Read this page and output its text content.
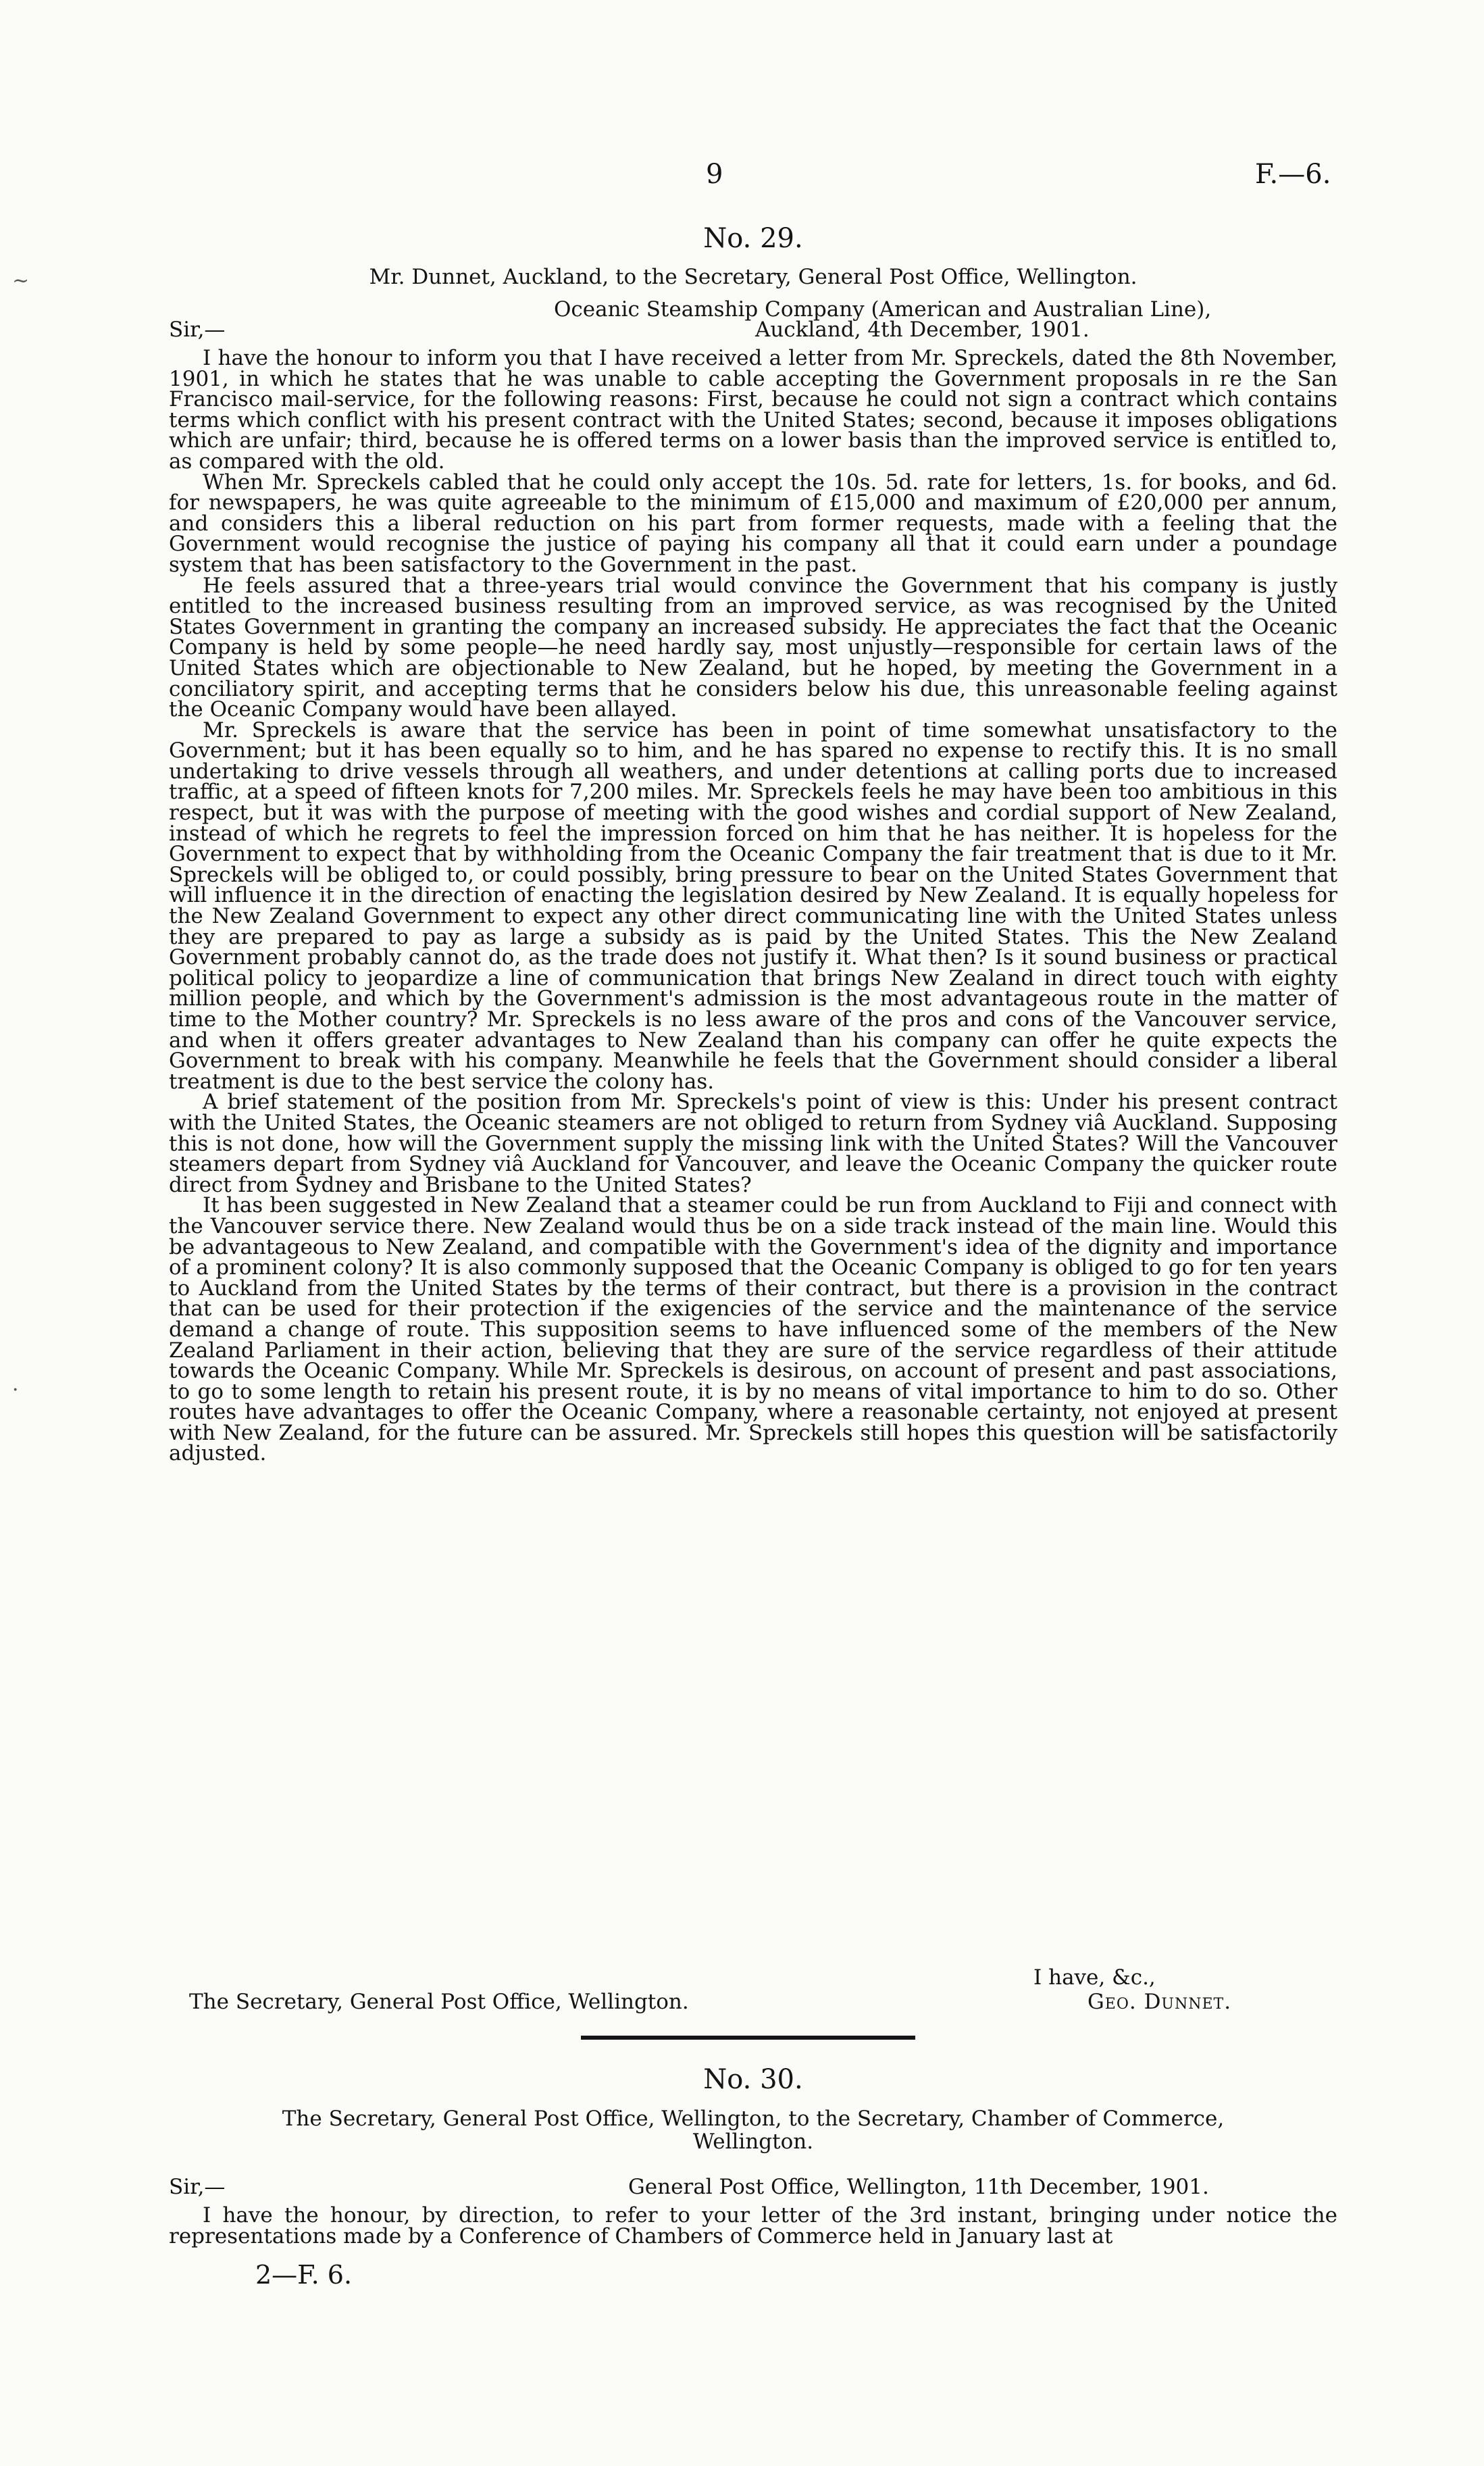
9	F.—6.
No. 29.
Mr. Dunnet, Auckland, to the Secretary, General Post Office, Wellington.
Oceanic Steamship Company (American and Australian Line),
Sir,—	Auckland, 4th December, 1901.

I have the honour to inform you that I have received a letter from Mr. Spreckels, dated the 8th November, 1901, in which he states that he was unable to cable accepting the Government proposals in re the San Francisco mail-service, for the following reasons: First, because he could not sign a contract which contains terms which conflict with his present contract with the United States; second, because it imposes obligations which are unfair; third, because he is offered terms on a lower basis than the improved service is entitled to, as compared with the old.

When Mr. Spreckels cabled that he could only accept the 10s. 5d. rate for letters, 1s. for books, and 6d. for newspapers, he was quite agreeable to the minimum of £15,000 and maximum of £20,000 per annum, and considers this a liberal reduction on his part from former requests, made with a feeling that the Government would recognise the justice of paying his company all that it could earn under a poundage system that has been satisfactory to the Government in the past.

He feels assured that a three-years trial would convince the Government that his company is justly entitled to the increased business resulting from an improved service, as was recognised by the United States Government in granting the company an increased subsidy. He appreciates the fact that the Oceanic Company is held by some people—he need hardly say, most unjustly—responsible for certain laws of the United States which are objectionable to New Zealand, but he hoped, by meeting the Government in a conciliatory spirit, and accepting terms that he considers below his due, this unreasonable feeling against the Oceanic Company would have been allayed.

Mr. Spreckels is aware that the service has been in point of time somewhat unsatisfactory to the Government; but it has been equally so to him, and he has spared no expense to rectify this. It is no small undertaking to drive vessels through all weathers, and under detentions at calling ports due to increased traffic, at a speed of fifteen knots for 7,200 miles. Mr. Spreckels feels he may have been too ambitious in this respect, but it was with the purpose of meeting with the good wishes and cordial support of New Zealand, instead of which he regrets to feel the impression forced on him that he has neither. It is hopeless for the Government to expect that by withholding from the Oceanic Company the fair treatment that is due to it Mr. Spreckels will be obliged to, or could possibly, bring pressure to bear on the United States Government that will influence it in the direction of enacting the legislation desired by New Zealand. It is equally hopeless for the New Zealand Government to expect any other direct communicating line with the United States unless they are prepared to pay as large a subsidy as is paid by the United States. This the New Zealand Government probably cannot do, as the trade does not justify it. What then? Is it sound business or practical political policy to jeopardize a line of communication that brings New Zealand in direct touch with eighty million people, and which by the Government's admission is the most advantageous route in the matter of time to the Mother country? Mr. Spreckels is no less aware of the pros and cons of the Vancouver service, and when it offers greater advantages to New Zealand than his company can offer he quite expects the Government to break with his company. Meanwhile he feels that the Government should consider a liberal treatment is due to the best service the colony has.

A brief statement of the position from Mr. Spreckels's point of view is this: Under his present contract with the United States, the Oceanic steamers are not obliged to return from Sydney viâ Auckland. Supposing this is not done, how will the Government supply the missing link with the United States? Will the Vancouver steamers depart from Sydney viâ Auckland for Vancouver, and leave the Oceanic Company the quicker route direct from Sydney and Brisbane to the United States?

It has been suggested in New Zealand that a steamer could be run from Auckland to Fiji and connect with the Vancouver service there. New Zealand would thus be on a side track instead of the main line. Would this be advantageous to New Zealand, and compatible with the Government's idea of the dignity and importance of a prominent colony? It is also commonly supposed that the Oceanic Company is obliged to go for ten years to Auckland from the United States by the terms of their contract, but there is a provision in the contract that can be used for their protection if the exigencies of the service and the maintenance of the service demand a change of route. This supposition seems to have influenced some of the members of the New Zealand Parliament in their action, believing that they are sure of the service regardless of their attitude towards the Oceanic Company. While Mr. Spreckels is desirous, on account of present and past associations, to go to some length to retain his present route, it is by no means of vital importance to him to do so. Other routes have advantages to offer the Oceanic Company, where a reasonable certainty, not enjoyed at present with New Zealand, for the future can be assured. Mr. Spreckels still hopes this question will be satisfactorily adjusted.

I have, &c.,
The Secretary, General Post Office, Wellington.	Geo. Dunnet.
No. 30.
The Secretary, General Post Office, Wellington, to the Secretary, Chamber of Commerce,
Wellington.
Sir,—	General Post Office, Wellington, 11th December, 1901.

I have the honour, by direction, to refer to your letter of the 3rd instant, bringing under notice the representations made by a Conference of Chambers of Commerce held in January last at

2—F. 6.
~
·
